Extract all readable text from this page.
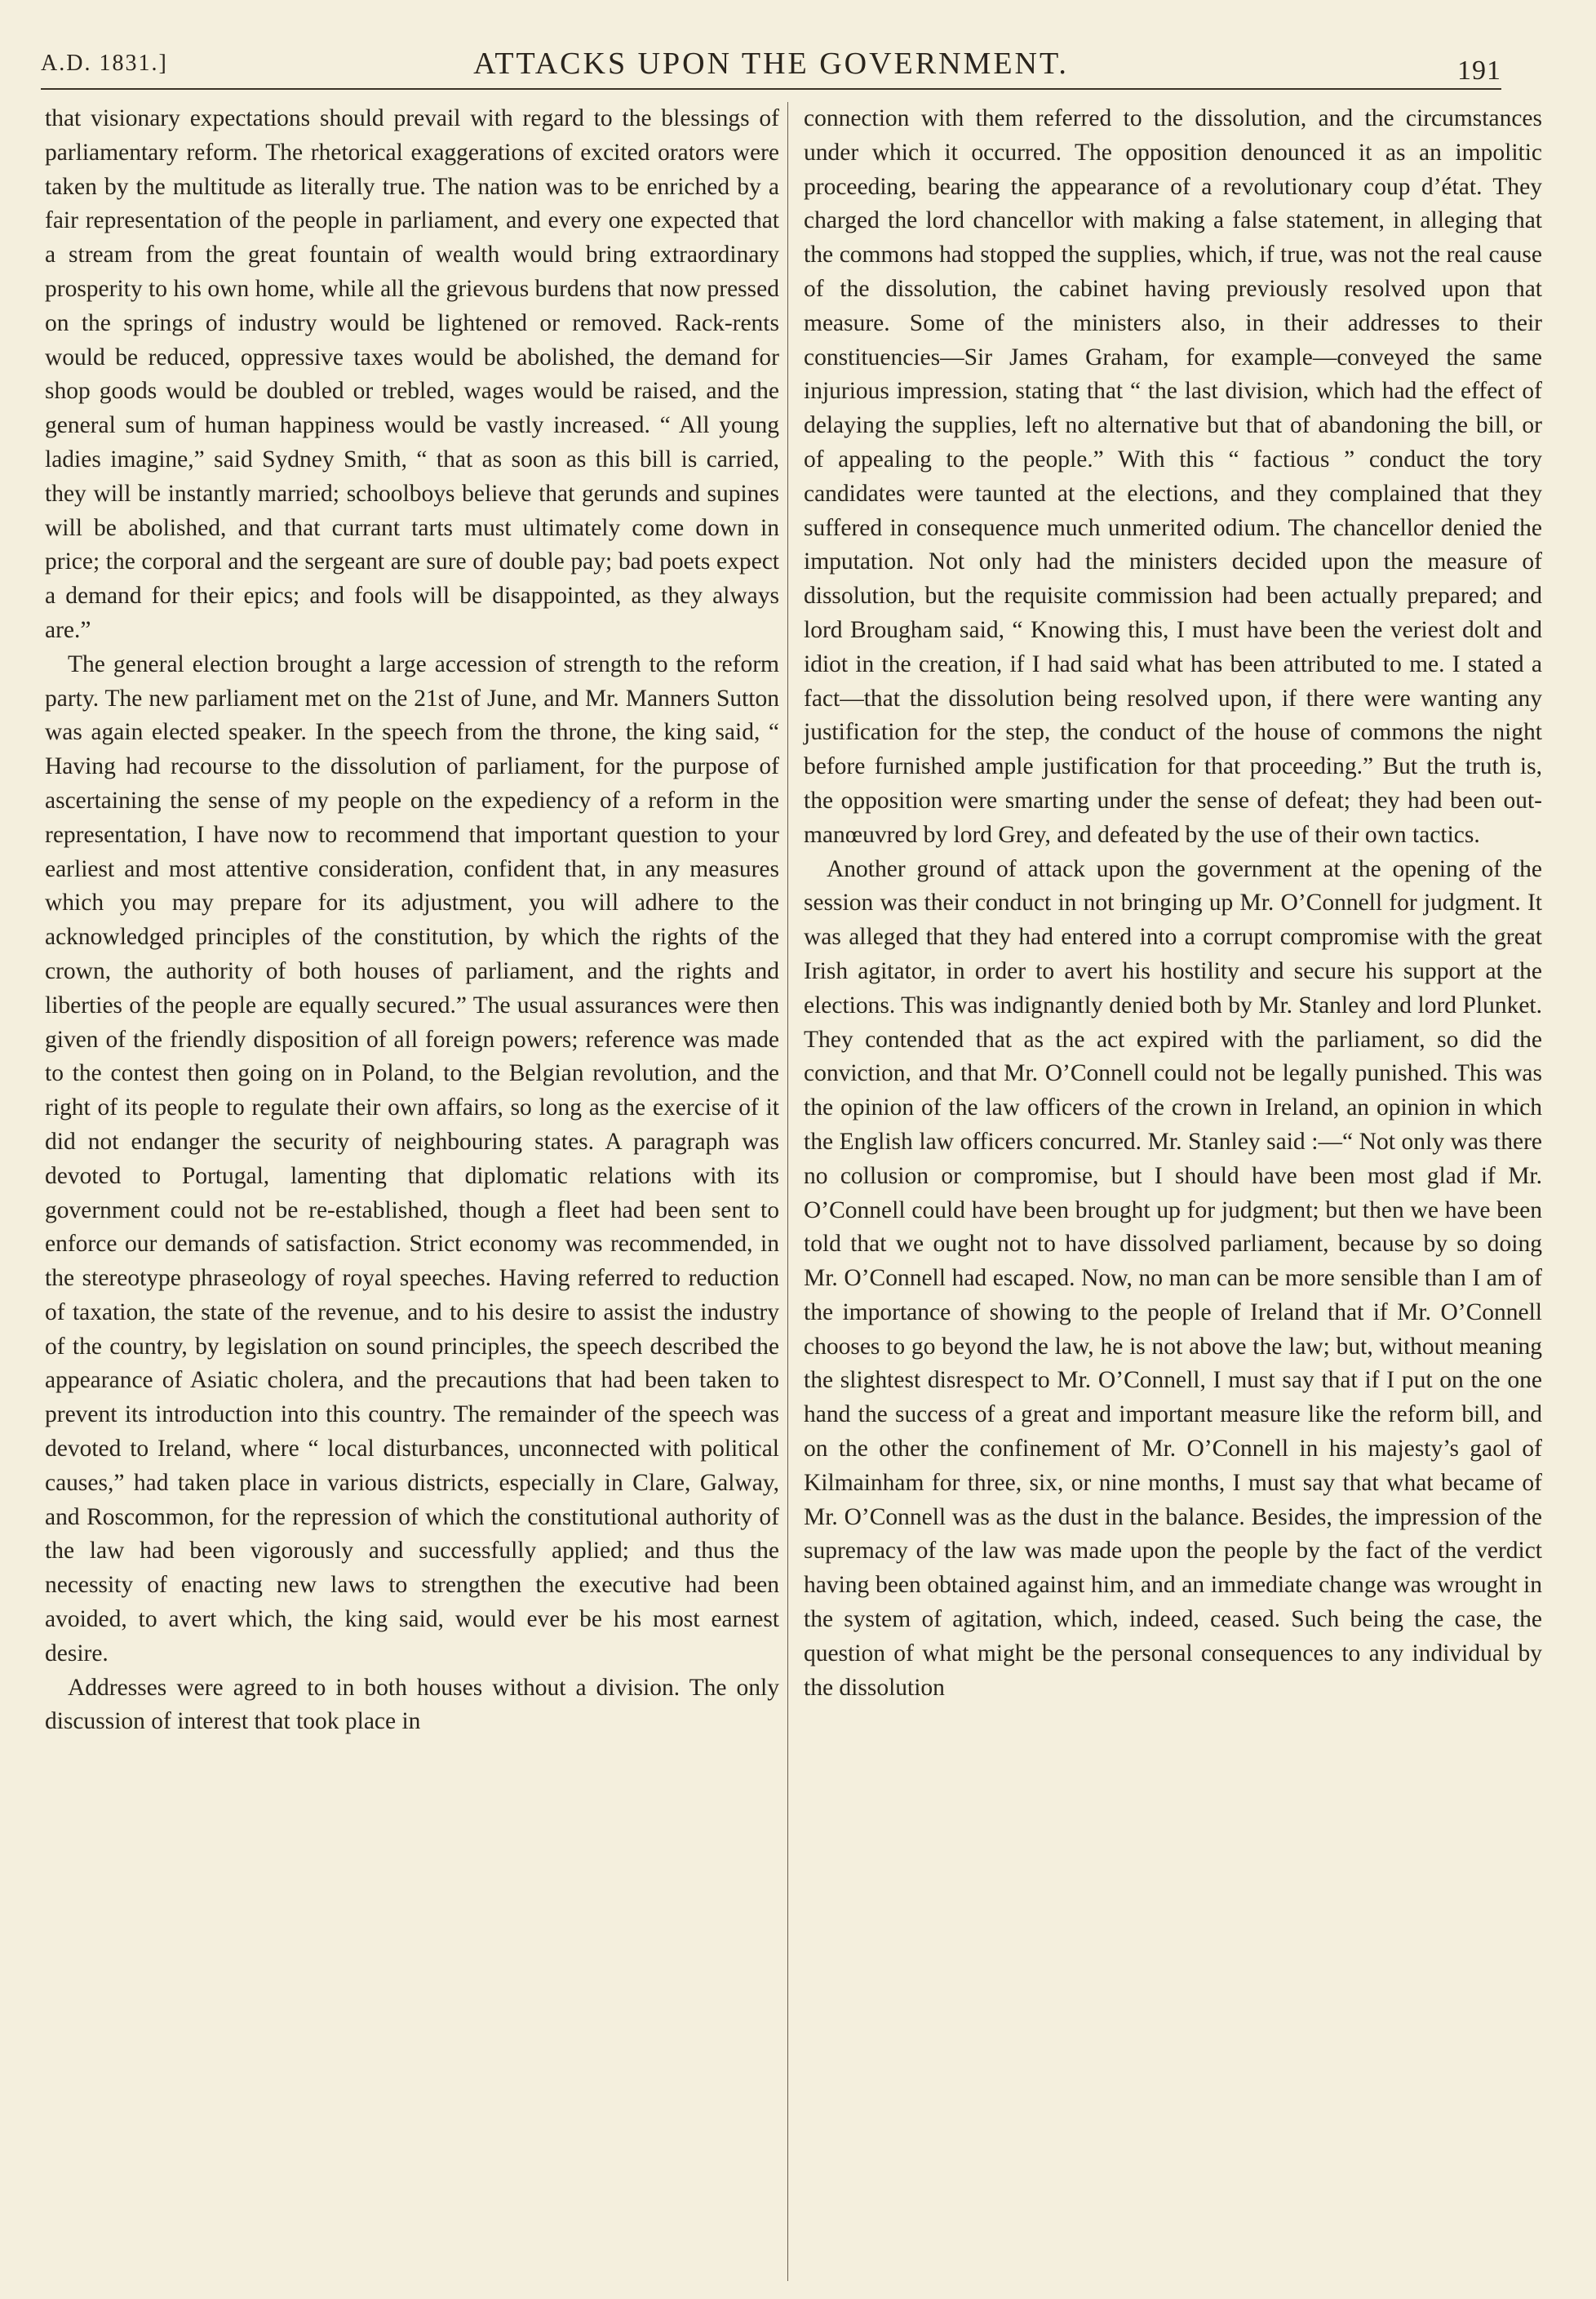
A.D. 1831.]	ATTACKS UPON THE GOVERNMENT.	191

that visionary expectations should prevail with regard to the blessings of parliamentary reform. The rhetorical exaggerations of excited orators were taken by the multitude as literally true. The nation was to be enriched by a fair representation of the people in parliament, and every one expected that a stream from the great fountain of wealth would bring extraordinary prosperity to his own home, while all the grievous burdens that now pressed on the springs of industry would be lightened or removed. Rack-rents would be reduced, oppressive taxes would be abolished, the demand for shop goods would be doubled or trebled, wages would be raised, and the general sum of human happiness would be vastly increased. “ All young ladies imagine,” said Sydney Smith, “ that as soon as this bill is carried, they will be instantly married; schoolboys believe that gerunds and supines will be abolished, and that currant tarts must ultimately come down in price; the corporal and the sergeant are sure of double pay; bad poets expect a demand for their epics; and fools will be disappointed, as they always are.”

The general election brought a large accession of strength to the reform party. The new parliament met on the 21st of June, and Mr. Manners Sutton was again elected speaker. In the speech from the throne, the king said, “ Having had recourse to the dissolution of parliament, for the purpose of ascertaining the sense of my people on the expediency of a reform in the representation, I have now to recommend that important question to your earliest and most attentive consideration, confident that, in any measures which you may prepare for its adjustment, you will adhere to the acknowledged principles of the constitution, by which the rights of the crown, the authority of both houses of parliament, and the rights and liberties of the people are equally secured.” The usual assurances were then given of the friendly disposition of all foreign powers; reference was made to the contest then going on in Poland, to the Belgian revolution, and the right of its people to regulate their own affairs, so long as the exercise of it did not endanger the security of neighbouring states. A paragraph was devoted to Portugal, lamenting that diplomatic relations with its government could not be re-established, though a fleet had been sent to enforce our demands of satisfaction. Strict economy was recommended, in the stereotype phraseology of royal speeches. Having referred to reduction of taxation, the state of the revenue, and to his desire to assist the industry of the country, by legislation on sound principles, the speech described the appearance of Asiatic cholera, and the precautions that had been taken to prevent its introduction into this country. The remainder of the speech was devoted to Ireland, where “ local disturbances, unconnected with political causes,” had taken place in various districts, especially in Clare, Galway, and Roscommon, for the repression of which the constitutional authority of the law had been vigorously and successfully applied; and thus the necessity of enacting new laws to strengthen the executive had been avoided, to avert which, the king said, would ever be his most earnest desire.

Addresses were agreed to in both houses without a division. The only discussion of interest that took place in

connection with them referred to the dissolution, and the circumstances under which it occurred. The opposition denounced it as an impolitic proceeding, bearing the appearance of a revolutionary coup d’état. They charged the lord chancellor with making a false statement, in alleging that the commons had stopped the supplies, which, if true, was not the real cause of the dissolution, the cabinet having previously resolved upon that measure. Some of the ministers also, in their addresses to their constituencies—Sir James Graham, for example—conveyed the same injurious impression, stating that “ the last division, which had the effect of delaying the supplies, left no alternative but that of abandoning the bill, or of appealing to the people.” With this “ factious ” conduct the tory candidates were taunted at the elections, and they complained that they suffered in consequence much unmerited odium. The chancellor denied the imputation. Not only had the ministers decided upon the measure of dissolution, but the requisite commission had been actually prepared; and lord Brougham said, “ Knowing this, I must have been the veriest dolt and idiot in the creation, if I had said what has been attributed to me. I stated a fact—that the dissolution being resolved upon, if there were wanting any justification for the step, the conduct of the house of commons the night before furnished ample justification for that proceeding.” But the truth is, the opposition were smarting under the sense of defeat; they had been out-manœuvred by lord Grey, and defeated by the use of their own tactics.

Another ground of attack upon the government at the opening of the session was their conduct in not bringing up Mr. O’Connell for judgment. It was alleged that they had entered into a corrupt compromise with the great Irish agitator, in order to avert his hostility and secure his support at the elections. This was indignantly denied both by Mr. Stanley and lord Plunket. They contended that as the act expired with the parliament, so did the conviction, and that Mr. O’Connell could not be legally punished. This was the opinion of the law officers of the crown in Ireland, an opinion in which the English law officers concurred. Mr. Stanley said :—“ Not only was there no collusion or compromise, but I should have been most glad if Mr. O’Connell could have been brought up for judgment; but then we have been told that we ought not to have dissolved parliament, because by so doing Mr. O’Connell had escaped. Now, no man can be more sensible than I am of the importance of showing to the people of Ireland that if Mr. O’Connell chooses to go beyond the law, he is not above the law; but, without meaning the slightest disrespect to Mr. O’Connell, I must say that if I put on the one hand the success of a great and important measure like the reform bill, and on the other the confinement of Mr. O’Connell in his majesty’s gaol of Kilmainham for three, six, or nine months, I must say that what became of Mr. O’Connell was as the dust in the balance. Besides, the impression of the supremacy of the law was made upon the people by the fact of the verdict having been obtained against him, and an immediate change was wrought in the system of agitation, which, indeed, ceased. Such being the case, the question of what might be the personal consequences to any individual by the dissolution
